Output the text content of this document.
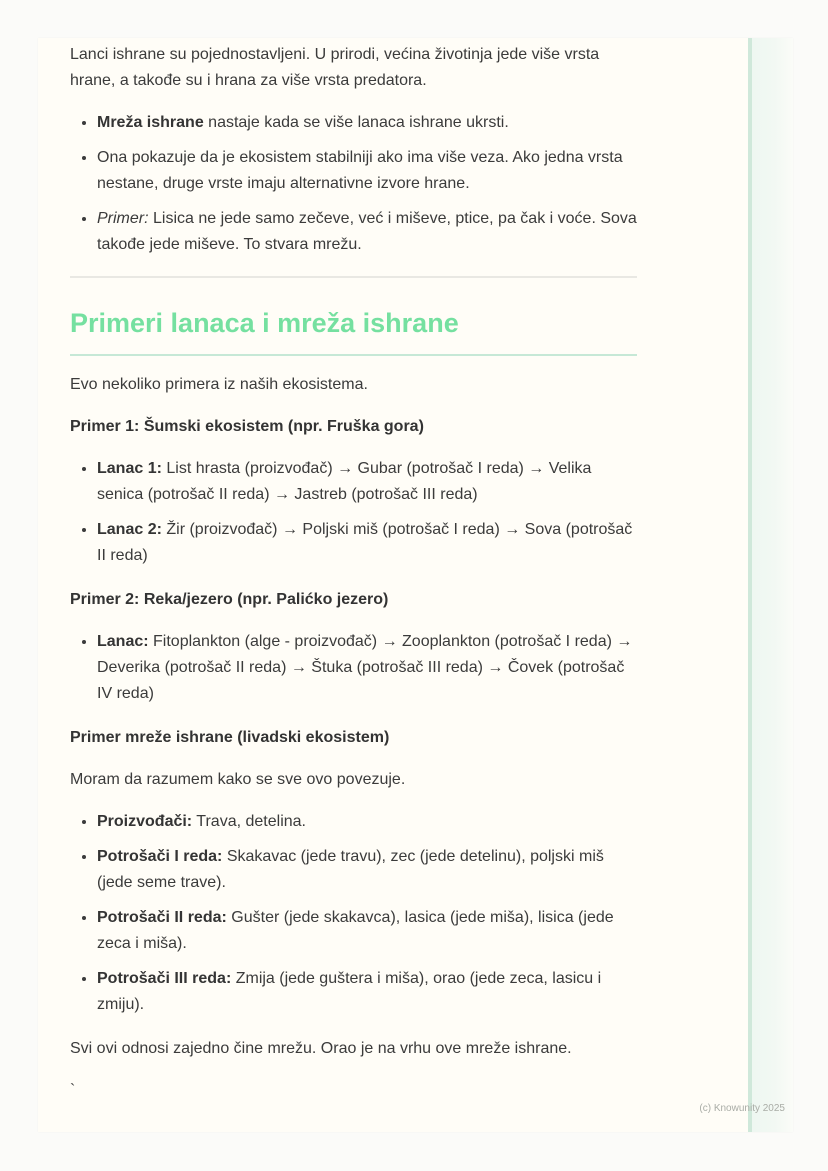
Lanci ishrane su pojednostavljeni. U prirodi, većina životinja jede više vrsta hrane, a takođe su i hrana za više vrsta predatora.

• Mreža ishrane nastaje kada se više lanaca ishrane ukrsti.
• Ona pokazuje da je ekosistem stabilniji ako ima više veza. Ako jedna vrsta nestane, druge vrste imaju alternativne izvore hrane.
• Primer: Lisica ne jede samo zečeve, već i miševe, ptice, pa čak i voće. Sova takođe jede miševe. To stvara mrežu.
Primeri lanaca i mreža ishrane

Evo nekoliko primera iz naših ekosistema.

Primer 1: Šumski ekosistem (npr. Fruška gora)

• Lanac 1: List hrasta (proizvođač) → Gubar (potrošač I reda) → Velika senica (potrošač II reda) → Jastreb (potrošač III reda)
• Lanac 2: Žir (proizvođač) → Poljski miš (potrošač I reda) → Sova (potrošač II reda)

Primer 2: Reka/jezero (npr. Palićko jezero)

• Lanac: Fitoplankton (alge - proizvođač) → Zooplankton (potrošač I reda) → Deverika (potrošač II reda) → Štuka (potrošač III reda) → Čovek (potrošač IV reda)

Primer mreže ishrane (livadski ekosistem)

Moram da razumem kako se sve ovo povezuje.

• Proizvođači: Trava, detelina.
• Potrošači I reda: Skakavac (jede travu), zec (jede detelinu), poljski miš (jede seme trave).
• Potrošači II reda: Gušter (jede skakavca), lasica (jede miša), lisica (jede zeca i miša).
• Potrošači III reda: Zmija (jede guštera i miša), orao (jede zeca, lasicu i zmiju).

Svi ovi odnosi zajedno čine mrežu. Orao je na vrhu ove mreže ishrane.

`

(c) Knowunity 2025
